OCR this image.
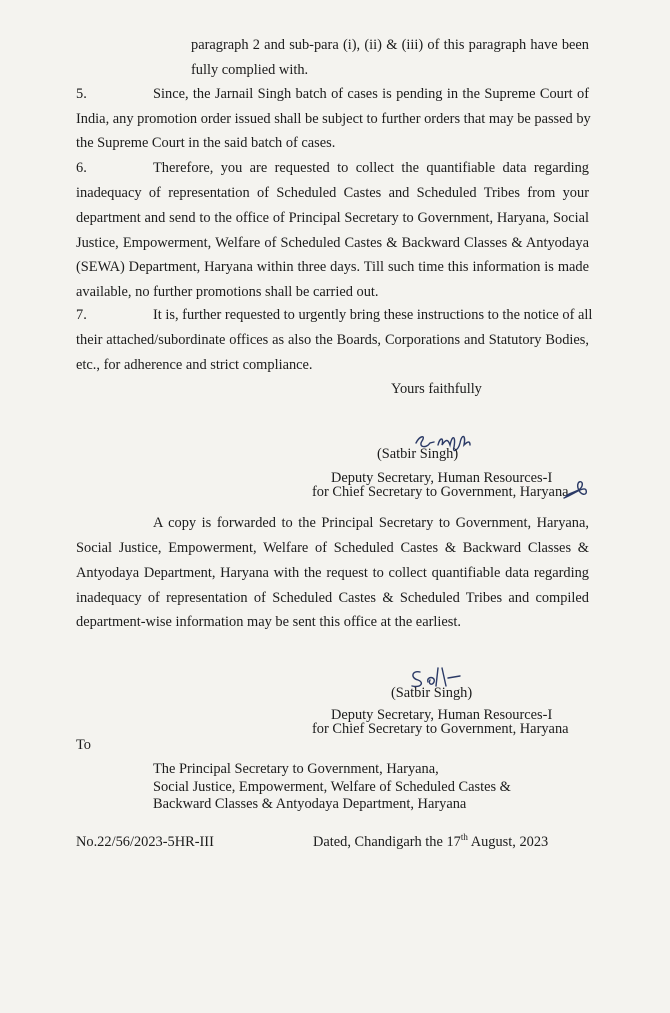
paragraph 2 and sub-para (i), (ii) & (iii) of this paragraph have been
fully complied with.
5.	Since, the Jarnail Singh batch of cases is pending in the Supreme Court of
India, any promotion order issued shall be subject to further orders that may be passed by
the Supreme Court in the said batch of cases.
6.	Therefore, you are requested to collect the quantifiable data regarding
inadequacy of representation of Scheduled Castes and Scheduled Tribes from your
department and send to the office of Principal Secretary to Government, Haryana, Social
Justice, Empowerment, Welfare of Scheduled Castes & Backward Classes & Antyodaya
(SEWA) Department, Haryana within three days. Till such time this information is made
available, no further promotions shall be carried out.
7.	It is, further requested to urgently bring these instructions to the notice of all
their attached/subordinate offices as also the Boards, Corporations and Statutory Bodies,
etc., for adherence and strict compliance.
Yours faithfully
(Satbir Singh)
Deputy Secretary, Human Resources-I
for Chief Secretary to Government, Haryana
A copy is forwarded to the Principal Secretary to Government, Haryana,
Social Justice, Empowerment, Welfare of Scheduled Castes & Backward Classes &
Antyodaya Department, Haryana with the request to collect quantifiable data regarding
inadequacy of representation of Scheduled Castes & Scheduled Tribes and compiled
department-wise information may be sent this office at the earliest.
(Satbir Singh)
Deputy Secretary, Human Resources-I
for Chief Secretary to Government, Haryana
To
The Principal Secretary to Government, Haryana,
Social Justice, Empowerment, Welfare of Scheduled Castes &
Backward Classes & Antyodaya Department, Haryana
No.22/56/2023-5HR-III	Dated, Chandigarh the 17th August, 2023
